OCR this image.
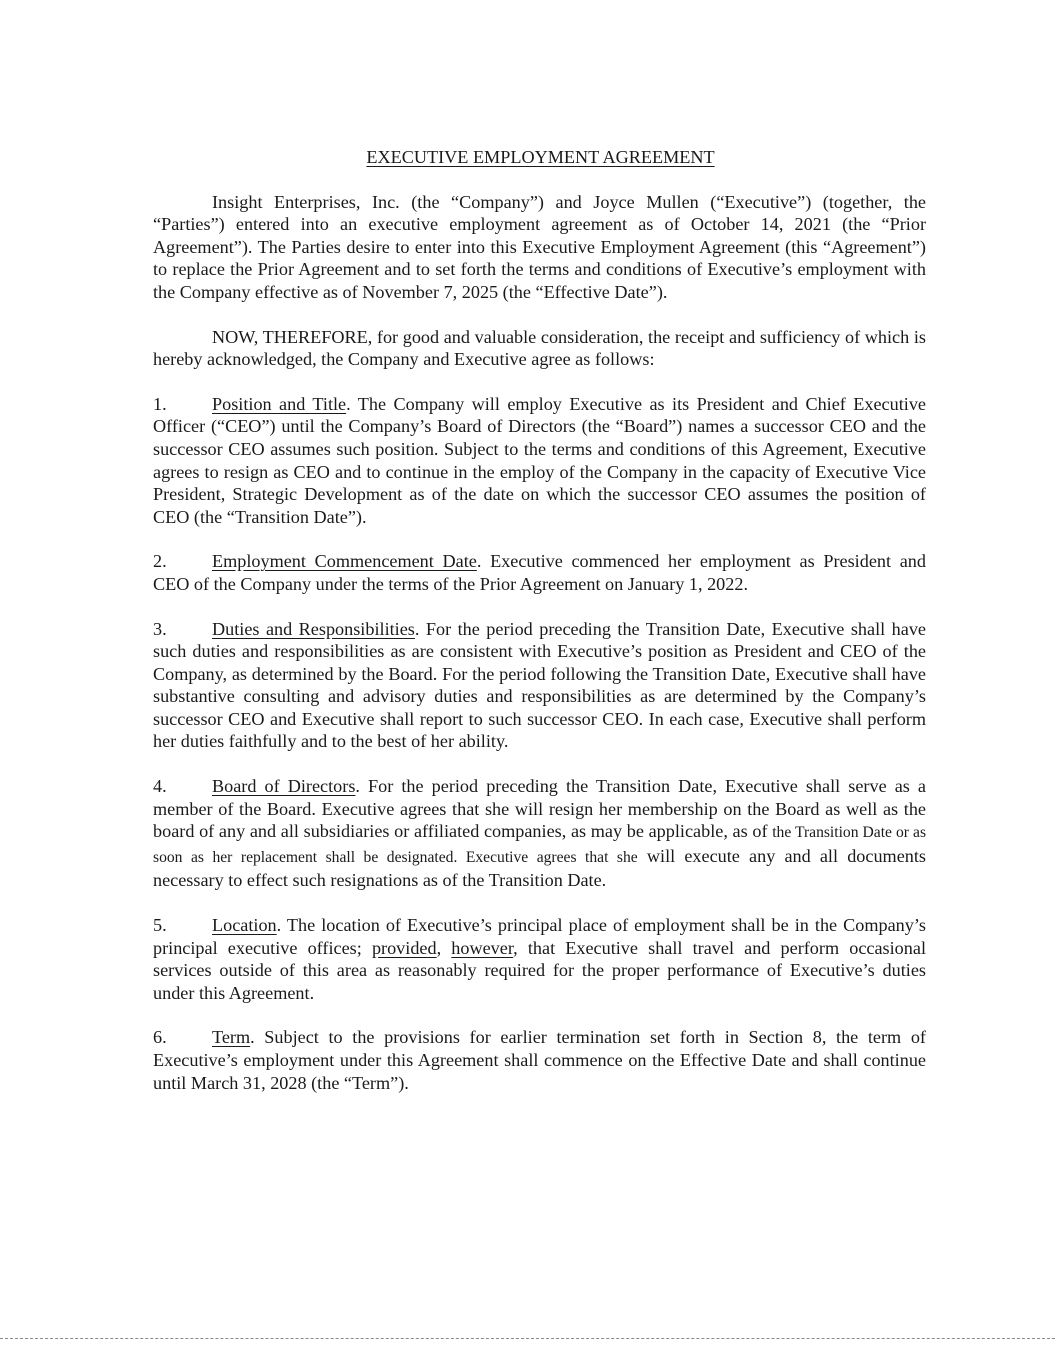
EXECUTIVE EMPLOYMENT AGREEMENT

Insight Enterprises, Inc. (the “Company”) and Joyce Mullen (“Executive”) (together, the “Parties”) entered into an executive employment agreement as of October 14, 2021 (the “Prior Agreement”). The Parties desire to enter into this Executive Employment Agreement (this “Agreement”) to replace the Prior Agreement and to set forth the terms and conditions of Executive’s employment with the Company effective as of November 7, 2025 (the “Effective Date”).

NOW, THEREFORE, for good and valuable consideration, the receipt and sufficiency of which is hereby acknowledged, the Company and Executive agree as follows:

1. Position and Title. The Company will employ Executive as its President and Chief Executive Officer (“CEO”) until the Company’s Board of Directors (the “Board”) names a successor CEO and the successor CEO assumes such position. Subject to the terms and conditions of this Agreement, Executive agrees to resign as CEO and to continue in the employ of the Company in the capacity of Executive Vice President, Strategic Development as of the date on which the successor CEO assumes the position of CEO (the “Transition Date”).

2. Employment Commencement Date. Executive commenced her employment as President and CEO of the Company under the terms of the Prior Agreement on January 1, 2022.

3. Duties and Responsibilities. For the period preceding the Transition Date, Executive shall have such duties and responsibilities as are consistent with Executive’s position as President and CEO of the Company, as determined by the Board. For the period following the Transition Date, Executive shall have substantive consulting and advisory duties and responsibilities as are determined by the Company’s successor CEO and Executive shall report to such successor CEO. In each case, Executive shall perform her duties faithfully and to the best of her ability.

4. Board of Directors. For the period preceding the Transition Date, Executive shall serve as a member of the Board. Executive agrees that she will resign her membership on the Board as well as the board of any and all subsidiaries or affiliated companies, as may be applicable, as of the Transition Date or as soon as her replacement shall be designated. Executive agrees that she will execute any and all documents necessary to effect such resignations as of the Transition Date.

5. Location. The location of Executive’s principal place of employment shall be in the Company’s principal executive offices; provided, however, that Executive shall travel and perform occasional services outside of this area as reasonably required for the proper performance of Executive’s duties under this Agreement.

6. Term. Subject to the provisions for earlier termination set forth in Section 8, the term of Executive’s employment under this Agreement shall commence on the Effective Date and shall continue until March 31, 2028 (the “Term”).
